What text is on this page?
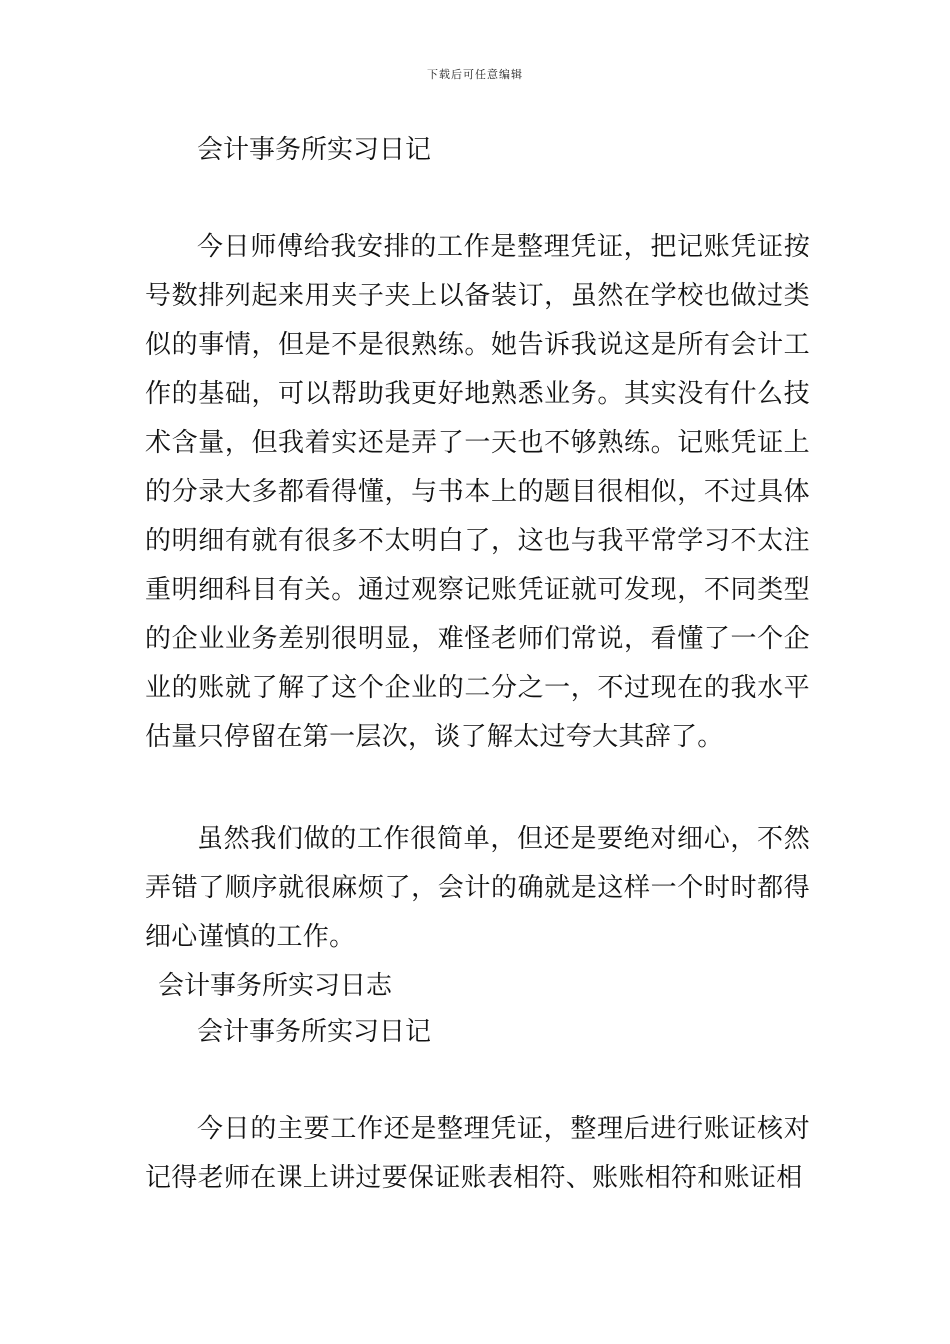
下载后可任意编辑

会计事务所实习日记

今日师傅给我安排的工作是整理凭证，把记账凭证按号数排列起来用夹子夹上以备装订，虽然在学校也做过类似的事情，但是不是很熟练。她告诉我说这是所有会计工作的基础，可以帮助我更好地熟悉业务。其实没有什么技术含量，但我着实还是弄了一天也不够熟练。记账凭证上的分录大多都看得懂，与书本上的题目很相似，不过具体的明细有就有很多不太明白了，这也与我平常学习不太注重明细科目有关。通过观察记账凭证就可发现，不同类型的企业业务差别很明显，难怪老师们常说，看懂了一个企业的账就了解了这个企业的二分之一，不过现在的我水平估量只停留在第一层次，谈了解太过夸大其辞了。

虽然我们做的工作很简单，但还是要绝对细心，不然弄错了顺序就很麻烦了，会计的确就是这样一个时时都得细心谨慎的工作。

会计事务所实习日志

会计事务所实习日记

今日的主要工作还是整理凭证，整理后进行账证核对记得老师在课上讲过要保证账表相符、账账相符和账证相
